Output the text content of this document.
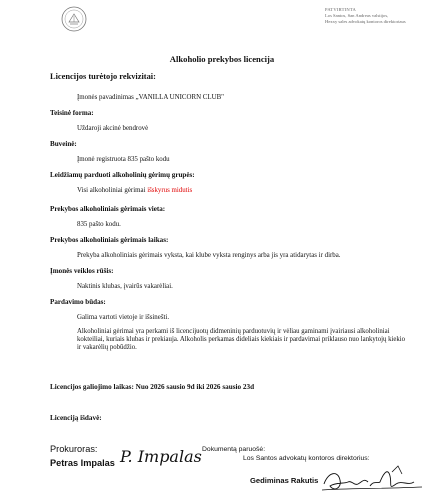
PATVIRTINTA
Los Santos, San Andreas valstijos,
Hexxy sales advokatų kontoros direktoriaus
Alkoholio prekybos licencija
Licencijos turėtojo rekvizitai:
Įmonės pavadinimas „VANILLA UNICORN CLUB"
Teisinė forma:
Uždaroji akcinė bendrovė
Buveinė:
Įmonė registruota 835 pašto kodu
Leidžiamų parduoti alkoholinių gėrimų grupės:
Visi alkoholiniai gėrimai išskyrus midutis
Prekybos alkoholiniais gėrimais vieta:
835 pašto kodu.
Prekybos alkoholiniais gėrimais laikas:
Prekyba alkoholiniais gėrimais vyksta, kai klube vyksta renginys arba jis yra atidarytas ir dirba.
Įmonės veiklos rūšis:
Naktinis klubas, įvairūs vakarėliai.
Pardavimo būdas:
Galima vartoti vietoje ir išsinešti.
Alkoholiniai gėrimai yra perkami iš licencijuotų didmeninių parduotuvių ir vėliau gaminami įvairiausi alkoholiniai kokteiliai, kuriais klubas ir prekiauja. Alkoholis perkamas dideliais kiekiais ir pardavimai priklauso nuo lankytojų kiekio ir vakarėlių pobūdžio.
Licencijos galiojimo laikas: Nuo 2026 sausio 9d iki 2026 sausio 23d
Licenciją išdavė:
Prokuroras:
Petras Impalas P. Impalas Dokumentą paruošė:
Los Santos advokatų kontoros direktorius:
Gediminas Rakutis
